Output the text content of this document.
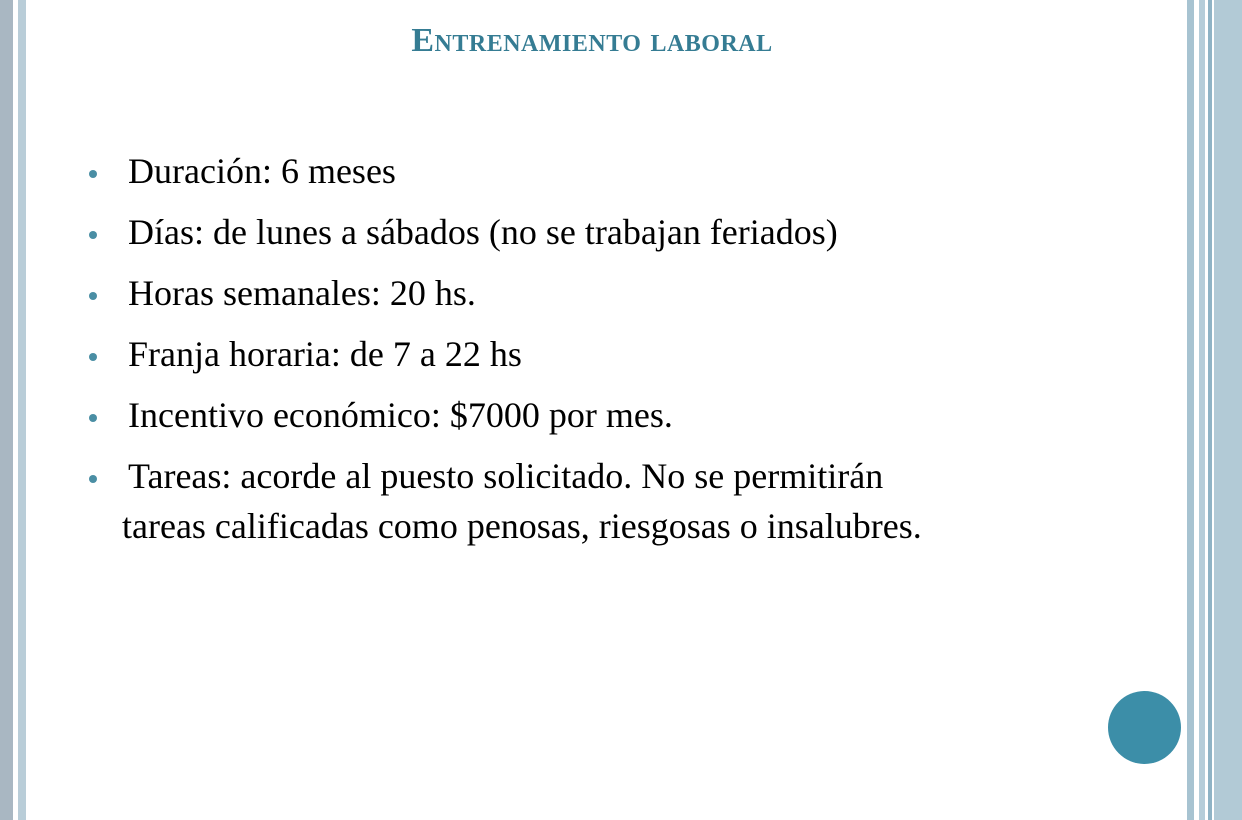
Entrenamiento laboral
Duración: 6 meses
Días: de lunes a sábados (no se trabajan feriados)
Horas semanales: 20 hs.
Franja horaria: de 7 a 22 hs
Incentivo económico: $7000 por mes.
Tareas: acorde al puesto solicitado. No se permitirán
tareas calificadas como penosas, riesgosas o insalubres.
